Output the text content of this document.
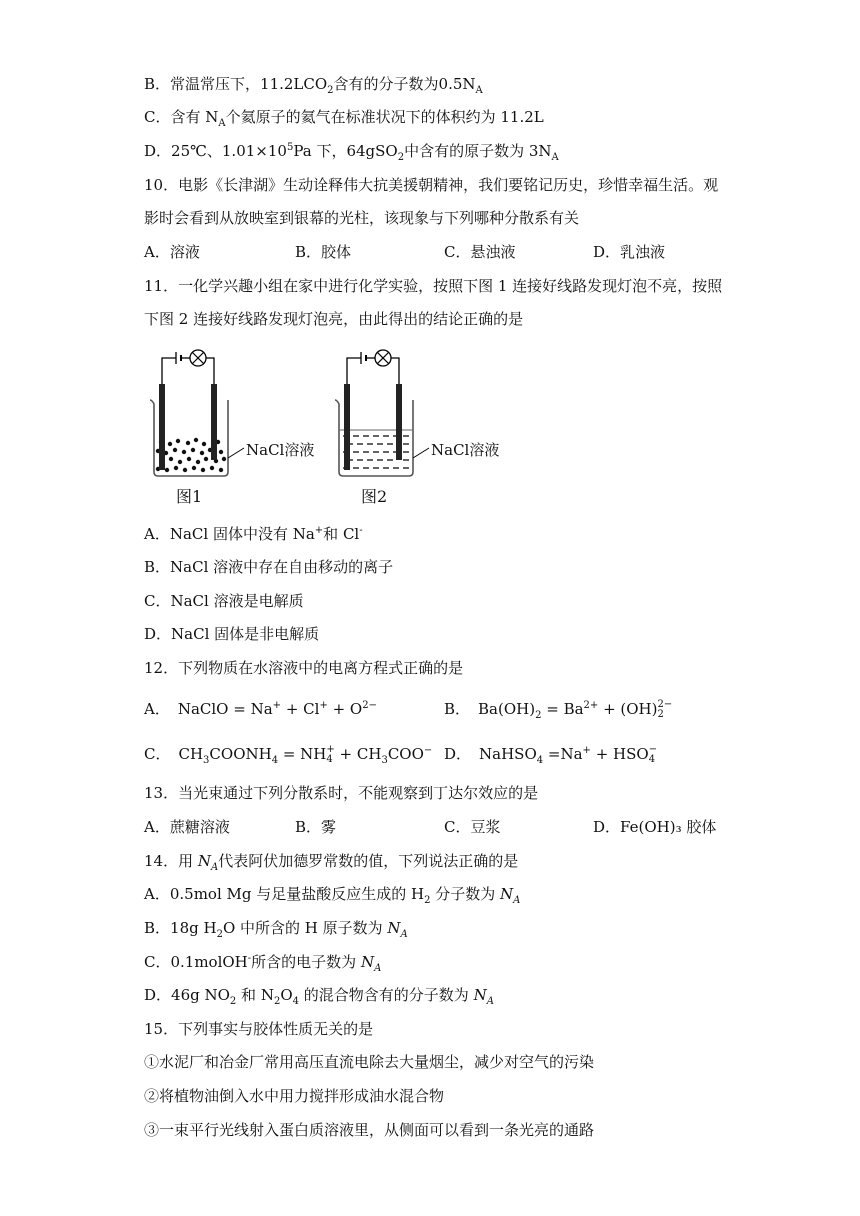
B．常温常压下，$11.2LCO_2$含有的分子数为$0.5N_A$
C．含有 $N_A$个氦原子的氦气在标准状况下的体积约为 11.2L
D．25℃、$1.01\times 10^5Pa$ 下，64gSO$_2$中含有的原子数为 $3N_A$
10．电影《长津湖》生动诠释伟大抗美援朝精神，我们要铭记历史，珍惜幸福生活。观
影时会看到从放映室到银幕的光柱，该现象与下列哪种分散系有关
A．溶液	B．胶体	C．悬浊液	D．乳浊液
11．一化学兴趣小组在家中进行化学实验，按照下图 1 连接好线路发现灯泡不亮，按照
下图 2 连接好线路发现灯泡亮，由此得出的结论正确的是
NaCl溶液
图1
NaCl溶液
图2
A．NaCl 固体中没有 Na+和 Cl-
B．NaCl 溶液中存在自由移动的离子
C．NaCl 溶液是电解质
D．NaCl 固体是非电解质
12．下列物质在水溶液中的电离方程式正确的是
A． NaClO = $Na^+ + Cl^+ + O^{2-}$	B． $Ba(OH)_2 = Ba^{2+} + (OH)$ 2−
2
C． $CH_3COONH_4$ = NH +
$4 + CH_3COO^-$ D． NaHSO$_4$ =Na+ + HSO −
4
13．当光束通过下列分散系时，不能观察到丁达尔效应的是
A．蔗糖溶液	B．雾	C．豆浆	D．Fe(OH)₃ 胶体
14．用 $N_A$代表阿伏加德罗常数的值，下列说法正确的是
A．0.5mol Mg 与足量盐酸反应生成的 $H_2$ 分子数为 $N_A$
B．18g $H_2O$ 中所含的 H 原子数为 $N_A$
C．0.1molOH-所含的电子数为 $N_A$
D．46g $NO_2$ 和 $N_2O_4$ 的混合物含有的分子数为 $N_A$
15．下列事实与胶体性质无关的是
①水泥厂和冶金厂常用高压直流电除去大量烟尘，减少对空气的污染
②将植物油倒入水中用力搅拌形成油水混合物
③一束平行光线射入蛋白质溶液里，从侧面可以看到一条光亮的通路
